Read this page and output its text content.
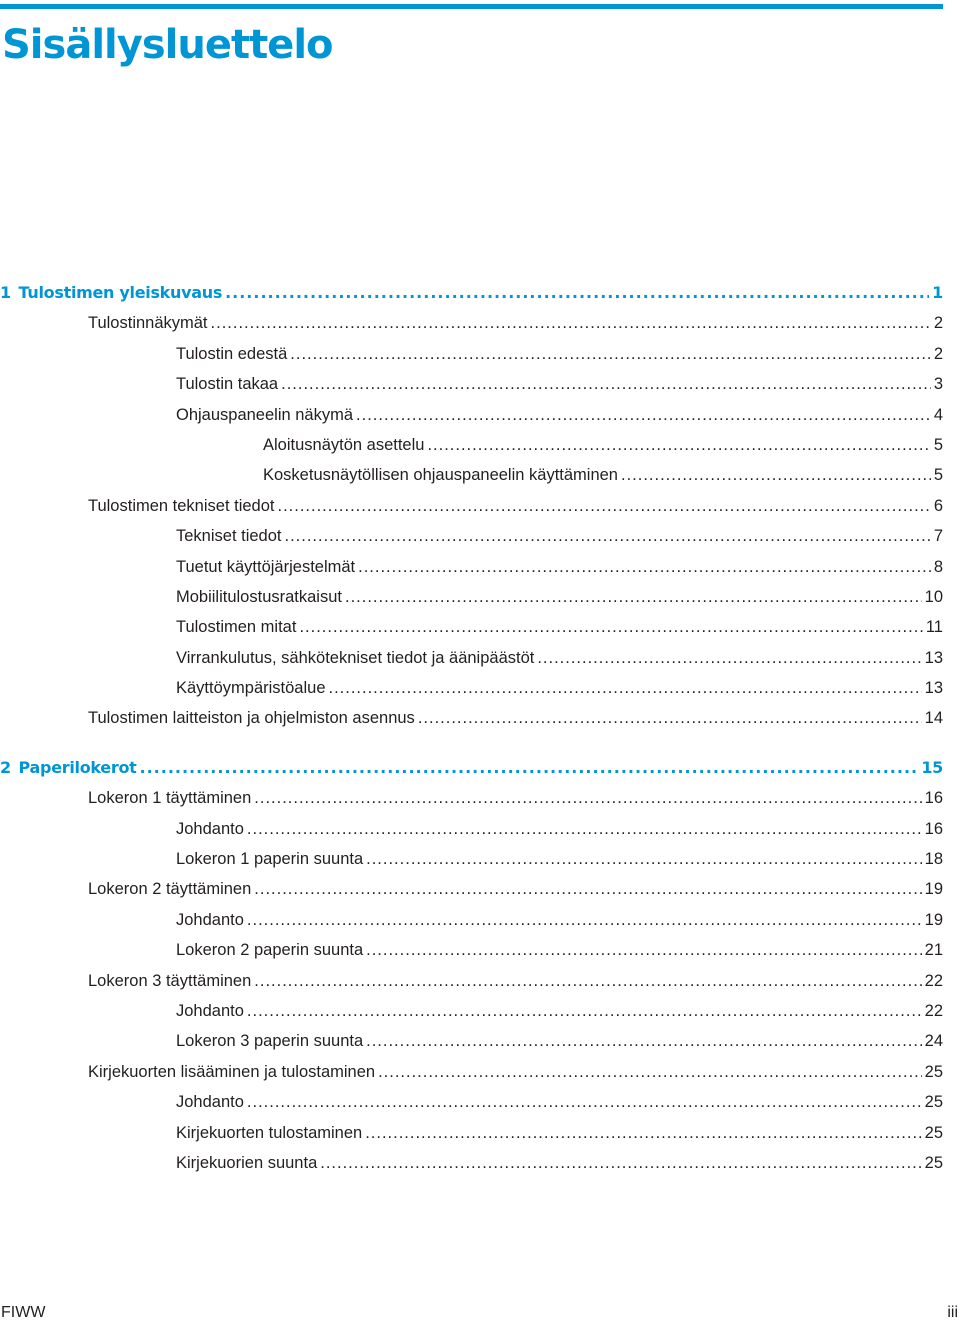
Sisällysluettelo
1  Tulostimen yleiskuvaus .....	1
Tulostinnäkymät .....	2
Tulostin edestä .....	2
Tulostin takaa .....	3
Ohjauspaneelin näkymä .....	4
Aloitusnäytön asettelu .....	5
Kosketusnäytöllisen ohjauspaneelin käyttäminen .....	5
Tulostimen tekniset tiedot .....	6
Tekniset tiedot .....	7
Tuetut käyttöjärjestelmät .....	8
Mobiilitulostusratkaisut .....	10
Tulostimen mitat .....	11
Virrankulutus, sähkötekniset tiedot ja äänipäästöt .....	13
Käyttöympäristöalue .....	13
Tulostimen laitteiston ja ohjelmiston asennus .....	14
2  Paperilokerot .....	15
Lokeron 1 täyttäminen .....	16
Johdanto .....	16
Lokeron 1 paperin suunta .....	18
Lokeron 2 täyttäminen .....	19
Johdanto .....	19
Lokeron 2 paperin suunta .....	21
Lokeron 3 täyttäminen .....	22
Johdanto .....	22
Lokeron 3 paperin suunta .....	24
Kirjekuorten lisääminen ja tulostaminen .....	25
Johdanto .....	25
Kirjekuorten tulostaminen .....	25
Kirjekuorien suunta .....	25
FIWW	iii
